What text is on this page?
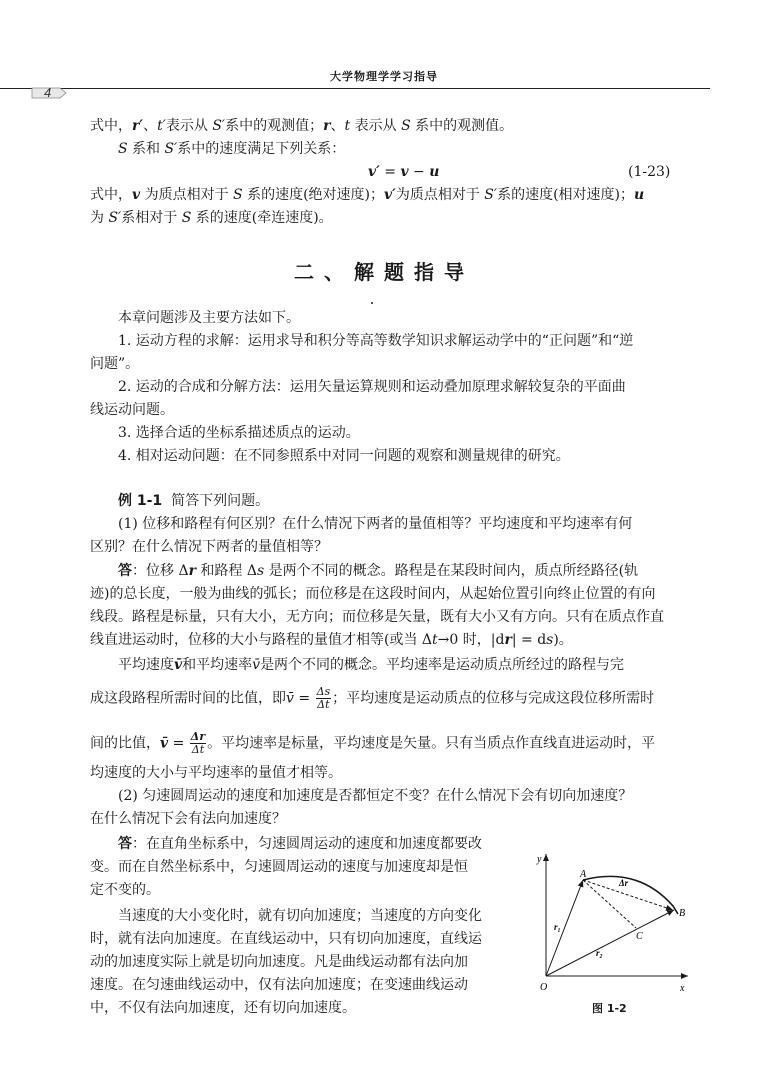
大学物理学学习指导
4
式中，r′、t′表示从 S′系中的观测值；r、t 表示从 S 系中的观测值。
S 系和 S′系中的速度满足下列关系：
v′ = v − u	(1-23)
式中，v 为质点相对于 S 系的速度(绝对速度)；v′为质点相对于 S′系的速度(相对速度)；u
为 S′系相对于 S 系的速度(牵连速度)。
二、解题指导
本章问题涉及主要方法如下。
1. 运动方程的求解：运用求导和积分等高等数学知识求解运动学中的“正问题”和“逆
问题”。
2. 运动的合成和分解方法：运用矢量运算规则和运动叠加原理求解较复杂的平面曲
线运动问题。
3. 选择合适的坐标系描述质点的运动。
4. 相对运动问题：在不同参照系中对同一问题的观察和测量规律的研究。
例 1-1 简答下列问题。
(1) 位移和路程有何区别？在什么情况下两者的量值相等？平均速度和平均速率有何
区别？在什么情况下两者的量值相等？
答：位移 Δr 和路程 Δs 是两个不同的概念。路程是在某段时间内，质点所经路径(轨
迹)的总长度，一般为曲线的弧长；而位移是在这段时间内，从起始位置引向终止位置的有向
线段。路程是标量，只有大小，无方向；而位移是矢量，既有大小又有方向。只有在质点作直
线直进运动时，位移的大小与路程的量值才相等(或当 Δt→0 时，|dr| = ds)。
平均速度v̄和平均速率v̄是两个不同的概念。平均速率是运动质点所经过的路程与完
成这段路程所需时间的比值，即v̄ = $\frac{\Delta s}{\Delta t}$ ；平均速度是运动质点的位移与完成这段位移所需时
间的比值，v̄ = $\frac{\Delta r}{\Delta t}$ 。平均速率是标量，平均速度是矢量。只有当质点作直线直进运动时，平
均速度的大小与平均速率的量值才相等。
(2) 匀速圆周运动的速度和加速度是否都恒定不变？在什么情况下会有切向加速度？
在什么情况下会有法向加速度？
答：在直角坐标系中，匀速圆周运动的速度和加速度都要改
变。而在自然坐标系中，匀速圆周运动的速度与加速度却是恒
定不变的。
当速度的大小变化时，就有切向加速度；当速度的方向变化
时，就有法向加速度。在直线运动中，只有切向加速度，直线运
动的加速度实际上就是切向加速度。凡是曲线运动都有法向加
速度。在匀速曲线运动中，仅有法向加速度；在变速曲线运动
中，不仅有法向加速度，还有切向加速度。
y
x
O
A
B
C
r₁
r₂
Δr
图 1-2
